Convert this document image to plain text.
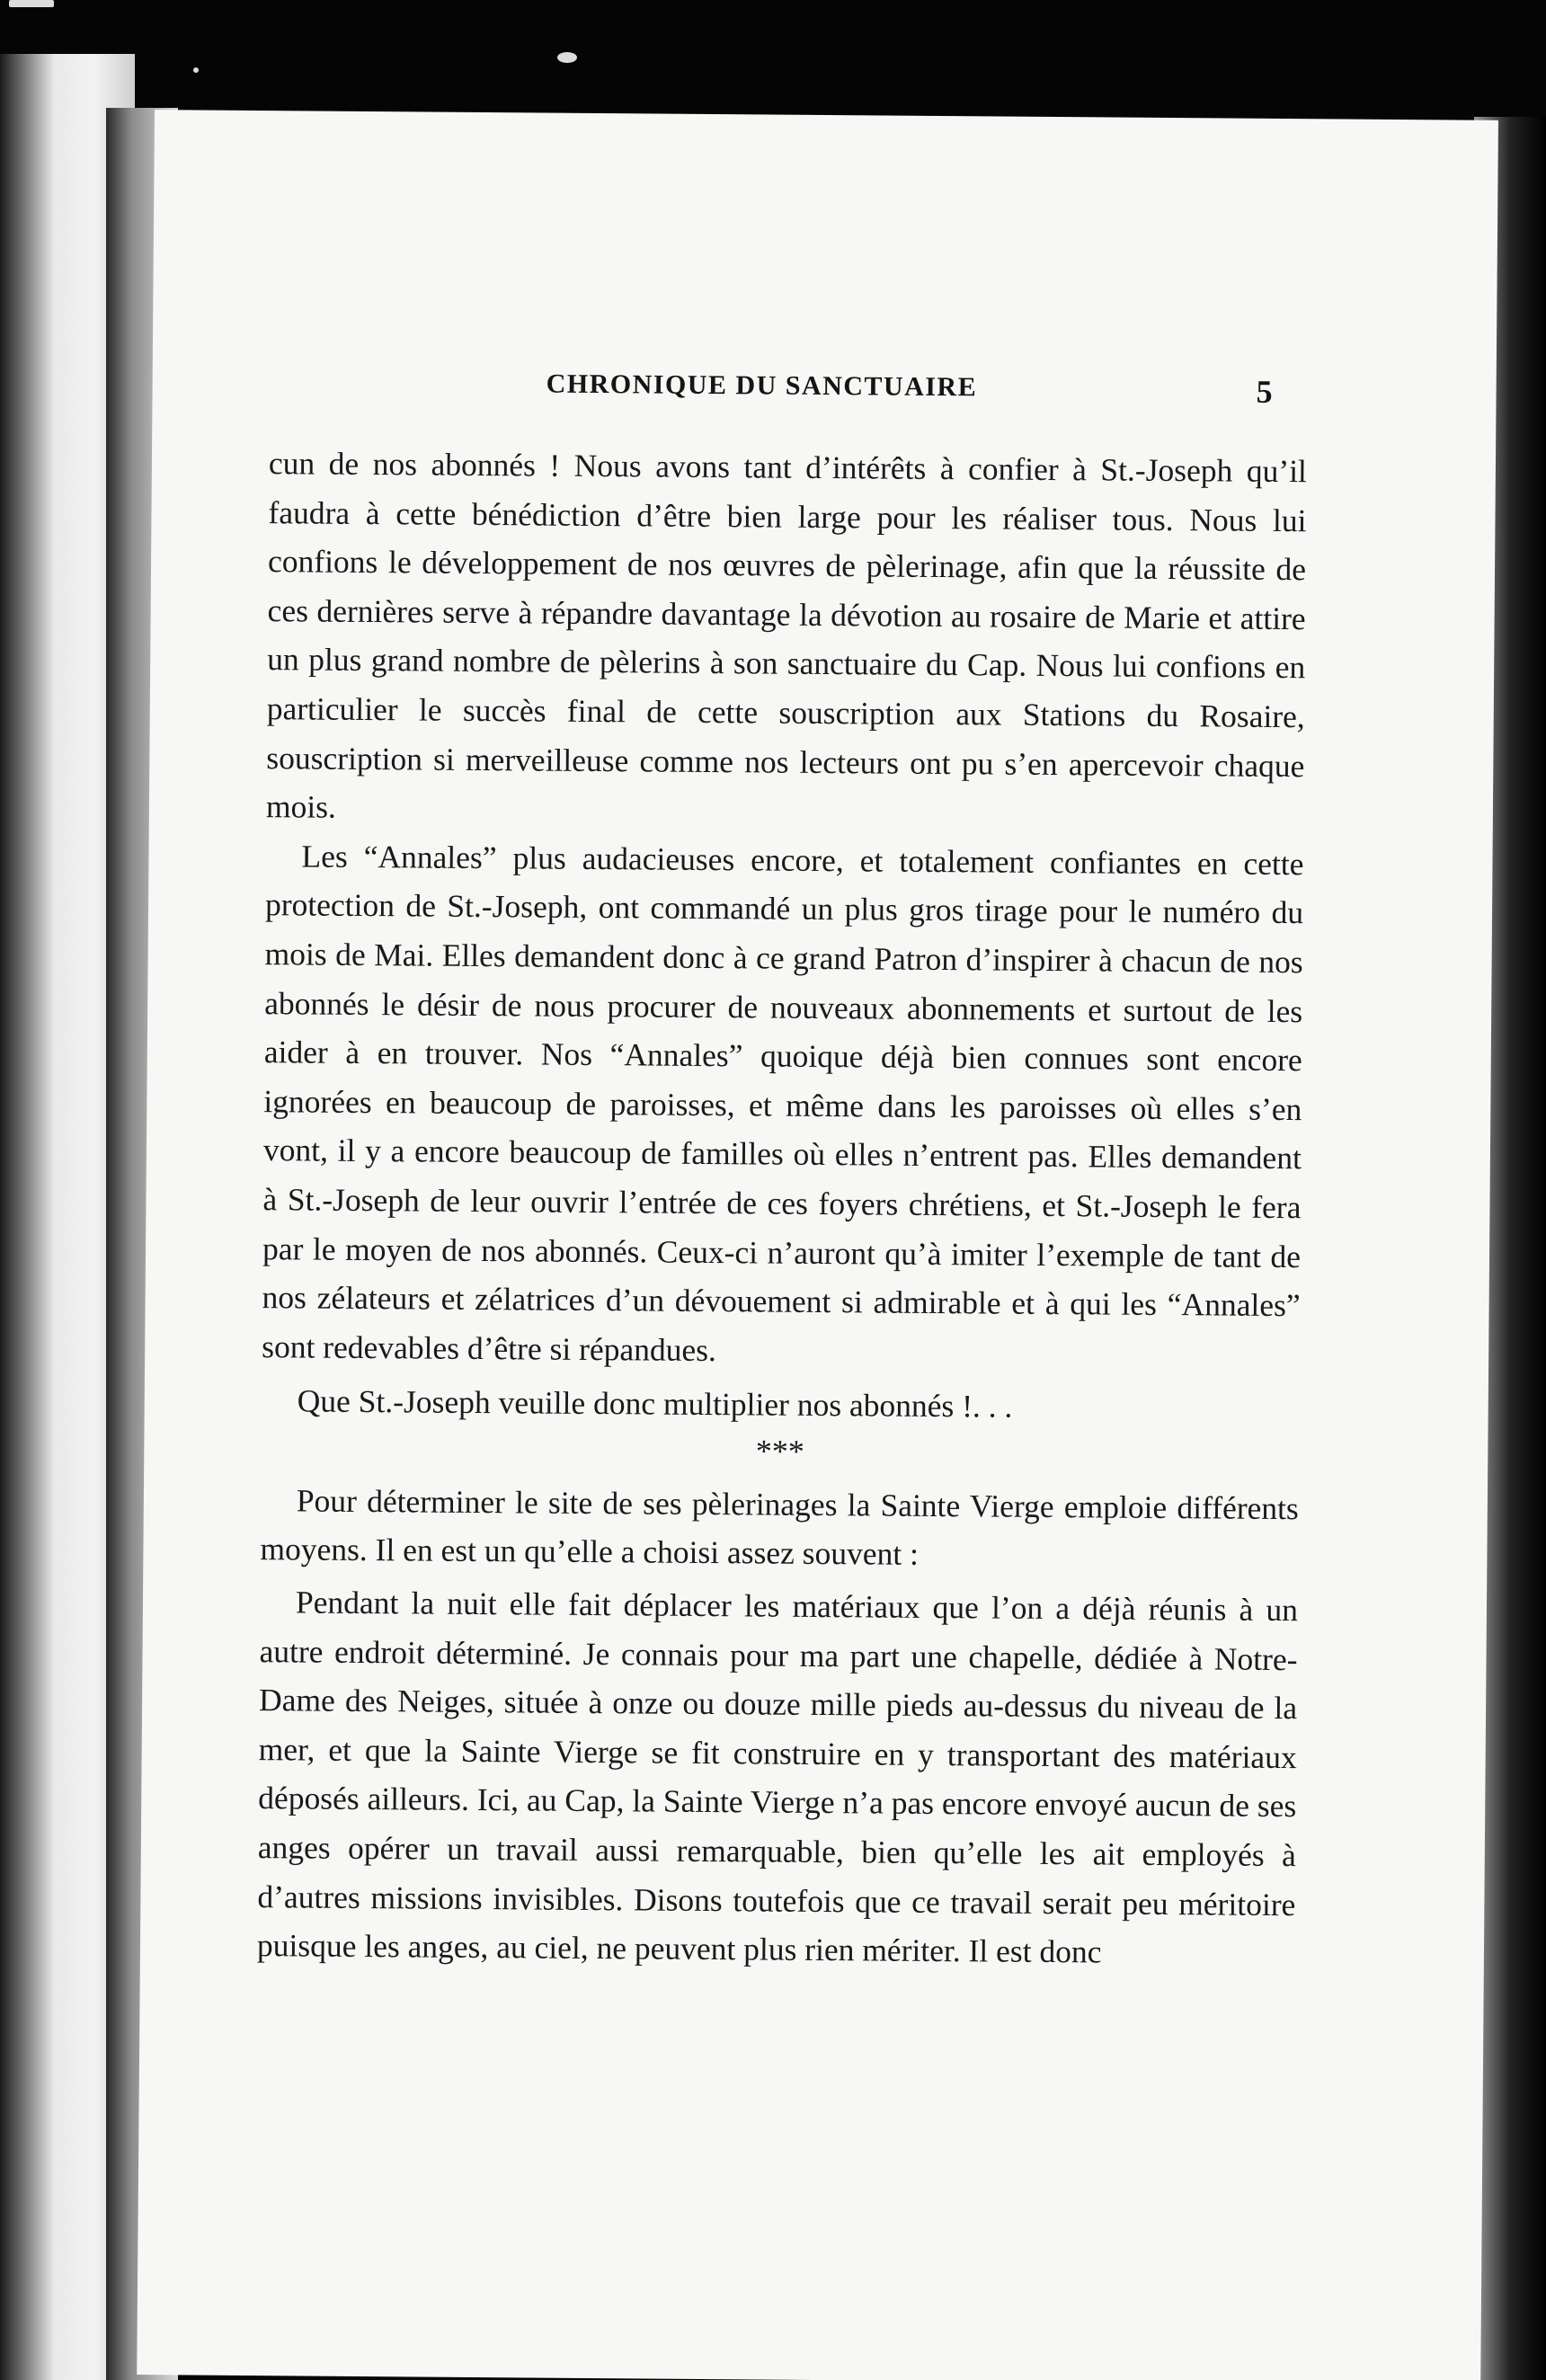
CHRONIQUE DU SANCTUAIRE	5

cun de nos abonnés ! Nous avons tant d’intérêts à confier à St.-Joseph qu’il faudra à cette bénédiction d’être bien large pour les réaliser tous. Nous lui confions le développement de nos œuvres de pèlerinage, afin que la réussite de ces dernières serve à répandre davantage la dévotion au rosaire de Marie et attire un plus grand nombre de pèlerins à son sanctuaire du Cap. Nous lui confions en particulier le succès final de cette souscription aux Stations du Rosaire, souscription si merveilleuse comme nos lecteurs ont pu s’en apercevoir chaque mois.

Les “Annales” plus audacieuses encore, et totalement confiantes en cette protection de St.-Joseph, ont commandé un plus gros tirage pour le numéro du mois de Mai. Elles demandent donc à ce grand Patron d’inspirer à chacun de nos abonnés le désir de nous procurer de nouveaux abonnements et surtout de les aider à en trouver. Nos “Annales” quoique déjà bien connues sont encore ignorées en beaucoup de paroisses, et même dans les paroisses où elles s’en vont, il y a encore beaucoup de familles où elles n’entrent pas. Elles demandent à St.-Joseph de leur ouvrir l’entrée de ces foyers chrétiens, et St.-Joseph le fera par le moyen de nos abonnés. Ceux-ci n’auront qu’à imiter l’exemple de tant de nos zélateurs et zélatrices d’un dévouement si admirable et à qui les “Annales” sont redevables d’être si répandues.

Que St.-Joseph veuille donc multiplier nos abonnés !. . .

***

Pour déterminer le site de ses pèlerinages la Sainte Vierge emploie différents moyens. Il en est un qu’elle a choisi assez souvent :

Pendant la nuit elle fait déplacer les matériaux que l’on a déjà réunis à un autre endroit déterminé. Je connais pour ma part une chapelle, dédiée à Notre-Dame des Neiges, située à onze ou douze mille pieds au-dessus du niveau de la mer, et que la Sainte Vierge se fit construire en y transportant des matériaux déposés ailleurs. Ici, au Cap, la Sainte Vierge n’a pas encore envoyé aucun de ses anges opérer un travail aussi remarquable, bien qu’elle les ait employés à d’autres missions invisibles. Disons toutefois que ce travail serait peu méritoire puisque les anges, au ciel, ne peuvent plus rien mériter. Il est donc
